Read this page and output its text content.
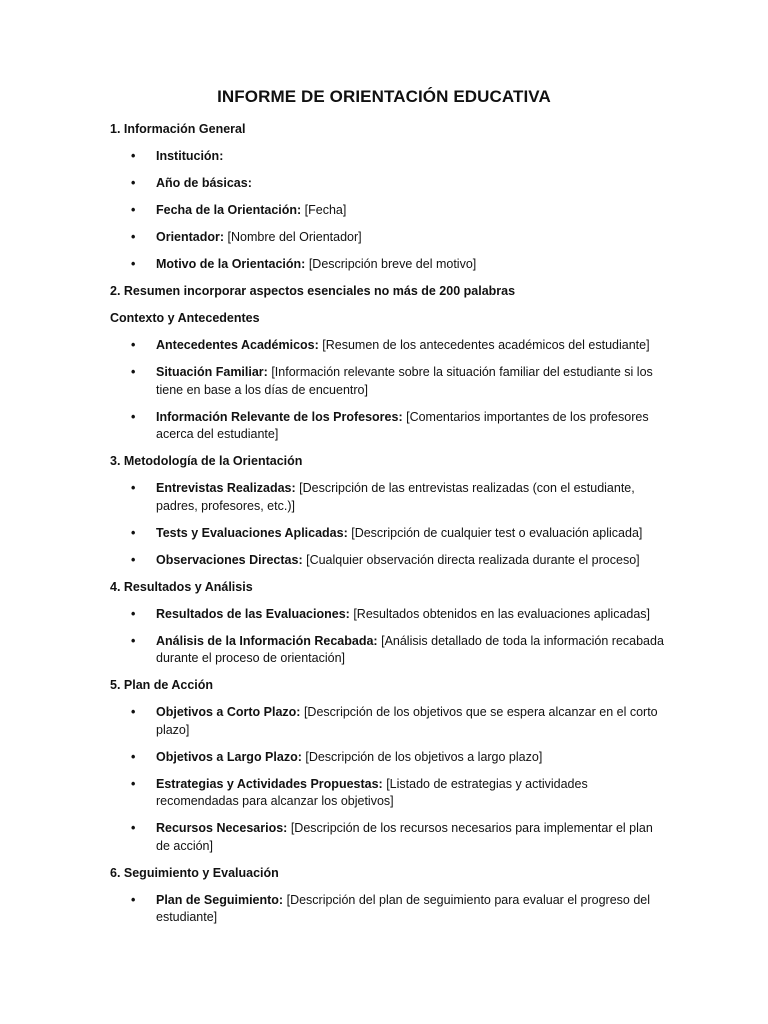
INFORME DE ORIENTACIÓN EDUCATIVA
1. Información General
• Institución:
• Año de básicas:
• Fecha de la Orientación: [Fecha]
• Orientador: [Nombre del Orientador]
• Motivo de la Orientación: [Descripción breve del motivo]
2. Resumen incorporar aspectos esenciales no más de 200 palabras
Contexto y Antecedentes
• Antecedentes Académicos: [Resumen de los antecedentes académicos del estudiante]
• Situación Familiar: [Información relevante sobre la situación familiar del estudiante si los tiene en base a los días de encuentro]
• Información Relevante de los Profesores: [Comentarios importantes de los profesores acerca del estudiante]
3. Metodología de la Orientación
• Entrevistas Realizadas: [Descripción de las entrevistas realizadas (con el estudiante, padres, profesores, etc.)]
• Tests y Evaluaciones Aplicadas: [Descripción de cualquier test o evaluación aplicada]
• Observaciones Directas: [Cualquier observación directa realizada durante el proceso]
4. Resultados y Análisis
• Resultados de las Evaluaciones: [Resultados obtenidos en las evaluaciones aplicadas]
• Análisis de la Información Recabada: [Análisis detallado de toda la información recabada durante el proceso de orientación]
5. Plan de Acción
• Objetivos a Corto Plazo: [Descripción de los objetivos que se espera alcanzar en el corto plazo]
• Objetivos a Largo Plazo: [Descripción de los objetivos a largo plazo]
• Estrategias y Actividades Propuestas: [Listado de estrategias y actividades recomendadas para alcanzar los objetivos]
• Recursos Necesarios: [Descripción de los recursos necesarios para implementar el plan de acción]
6. Seguimiento y Evaluación
• Plan de Seguimiento: [Descripción del plan de seguimiento para evaluar el progreso del estudiante]
